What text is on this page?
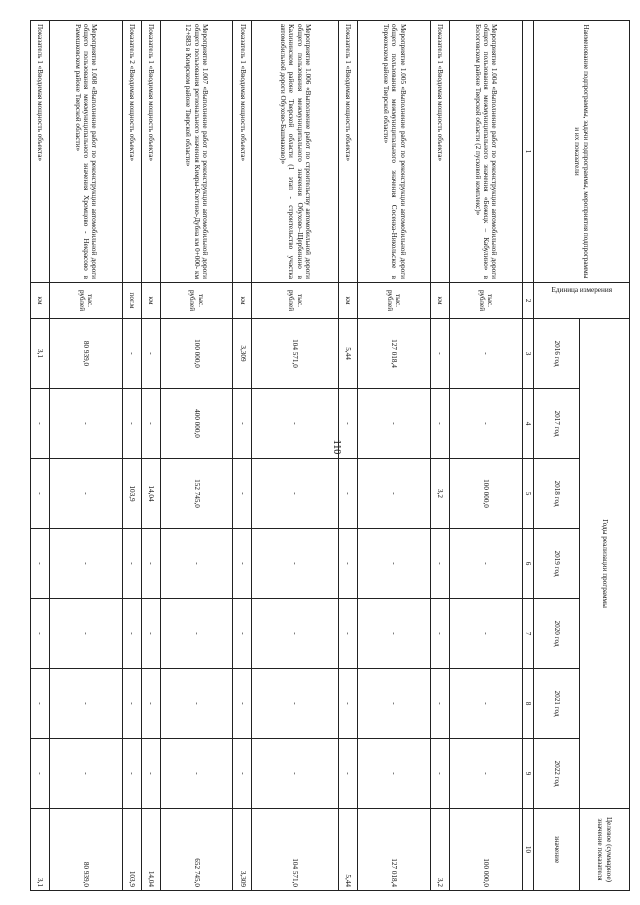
110
Наименование подпрограммы, задачи подпрограммы, мероприятия подпрограммы и их показатели	Единица измерения	Годы реализации программы							Целевое (суммарное) значение показателя
		2016 год	2017 год	2018 год	2019 год	2020 год	2021 год	2022 год	значение
1	2	3	4	5	6	7	8	9	10
Мероприятие 1.004 «Выполнение работ по реконструкции автомобильной дороги общего пользования межмуниципального значения «Бежецк – Кабулино» в Бологовском районе Тверской области (2 пусковой комплекс)»	тыс. рублей	-	-	100 000,0	-	-	-	-	100 000,0
Показатель 1 «Вводимая мощность объекта»	км	-	-	3,2	-	-	-	-	3,2
Мероприятие 1.005 «Выполнение работ по реконструкции автомобильной дороги общего пользования межмуниципального значения Сосенка-Никольское в Торжокском районе Тверской области»	тыс. рублей	127 018,4	-	-	-	-	-	-	127 018,4
Показатель 1 «Вводимая мощность объекта»	км	5,44	-	-	-	-	-	-	5,44
Мероприятие 1.006 «Выполнение работ по строительству автомобильной дороги общего пользования межмуниципального значения Обухово–Щербинино в Калининском районе Тверской области (1 этап - строительство участка автомобильной дороги Обухово-Башмаково)»	тыс. рублей	104 571,0	-	-	-	-	-	-	104 571,0
Показатель 1 «Вводимая мощность объекта»	км	3,309	-	-	-	-	-	-	3,309
Мероприятие 1.007 «Выполнение работ по реконструкции автомобильной дороги общего пользования регионального значения Кимры-Клетино-Дубна км 0+000- км 12+883 в Кимрском районе Тверской области»	тыс. рублей	100 000,0	400 000,0	152 745,0	-	-	-	-	652 745,0
Показатель 1 «Вводимая мощность объекта»	км	-	-	14,04	-	-	-	-	14,04
Показатель 2 «Вводимая мощность объекта»	пог.м	-	-	103,9	-	-	-	-	103,9
Мероприятие 1.008 «Выполнение работ по реконструкции автомобильной дороги общего пользования межмуниципального значения Хромцово - Некрасово в Рамешковском районе Тверской области»	тыс. рублей	80 939,0	-	-	-	-	-	-	80 939,0
Показатель 1 «Вводимая мощность объекта»	км	3,1	-	-	-	-	-	-	3,1
